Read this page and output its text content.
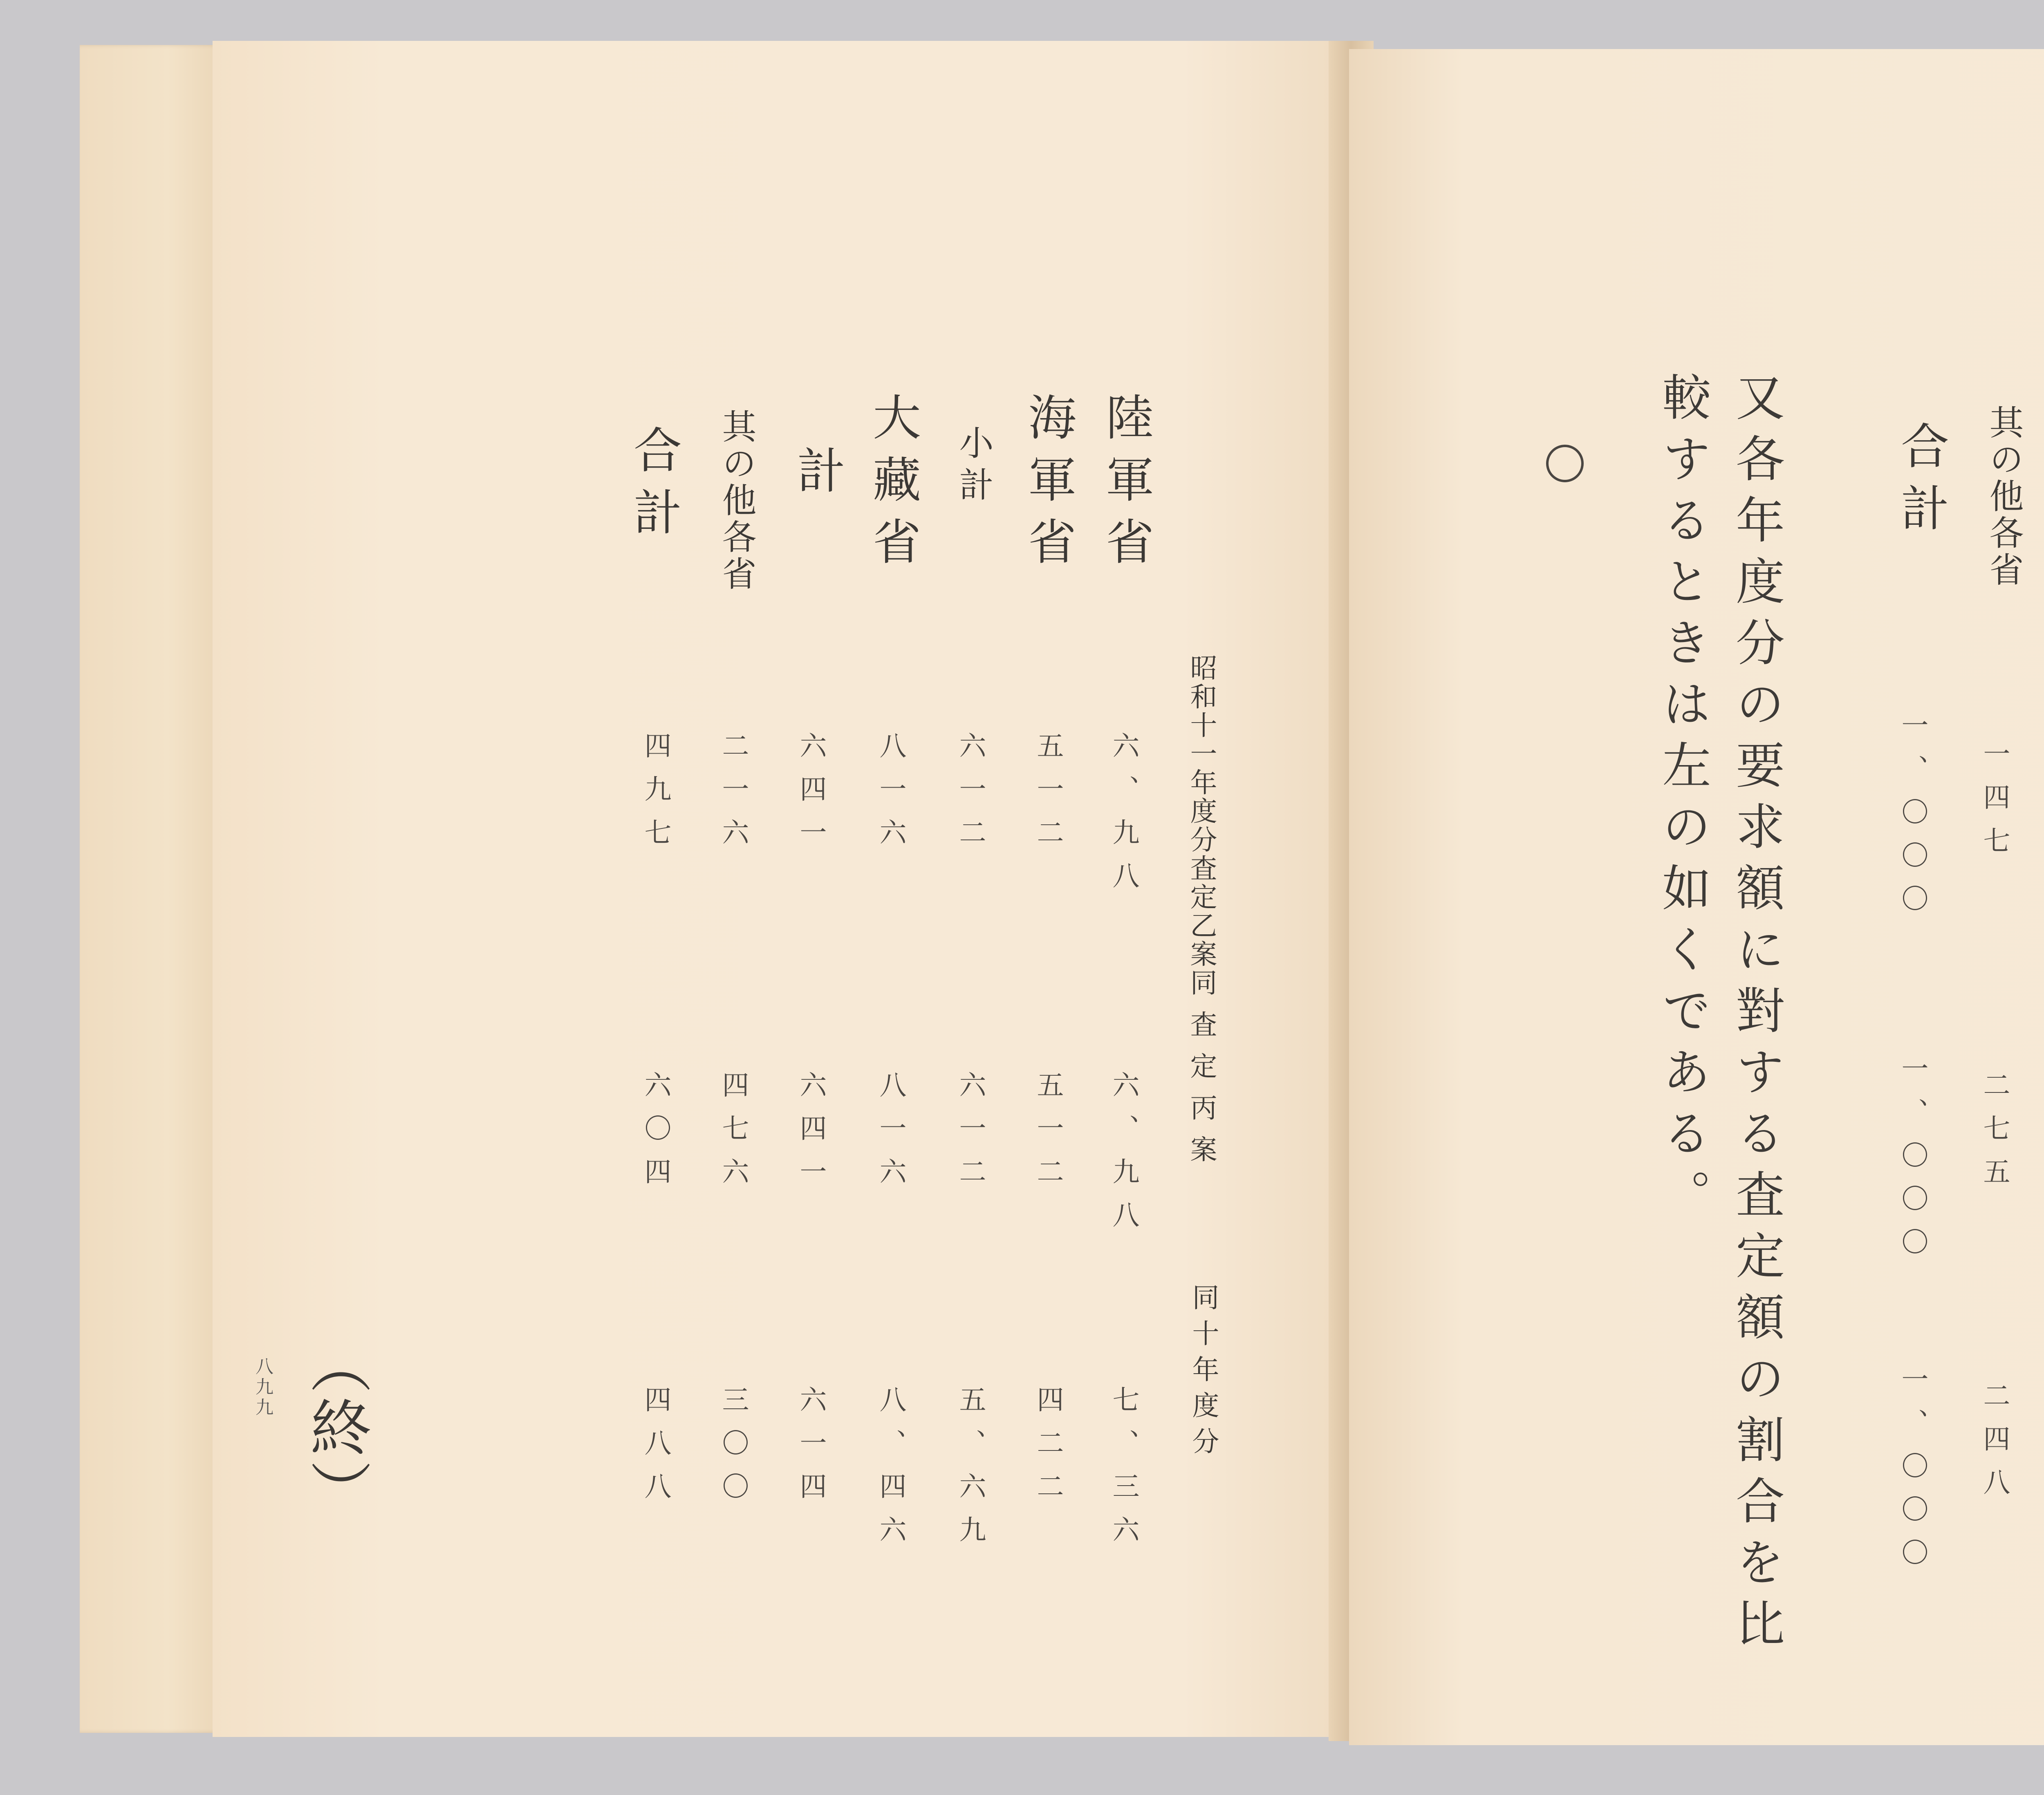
陸軍省
海軍省
小計
大藏省
計
其の他各省
合計
昭和十一年度分査定乙案
同査定丙案
同十年度分
六、九八
五一二
六一二
八一六
六四一
二一六
四九七
六、九八
五一二
六一二
八一六
六四一
四七六
六〇四
七、三六
四二二
五、六九
八、四六
六一四
三〇〇
四八八
（終）
八九九
其の他各省
合計
一四七
一、〇〇〇
二七五
一、〇〇〇
二四八
一、〇〇〇
又各年度分の要求額に對する査定額の割合を比
較するときは左の如くである。
